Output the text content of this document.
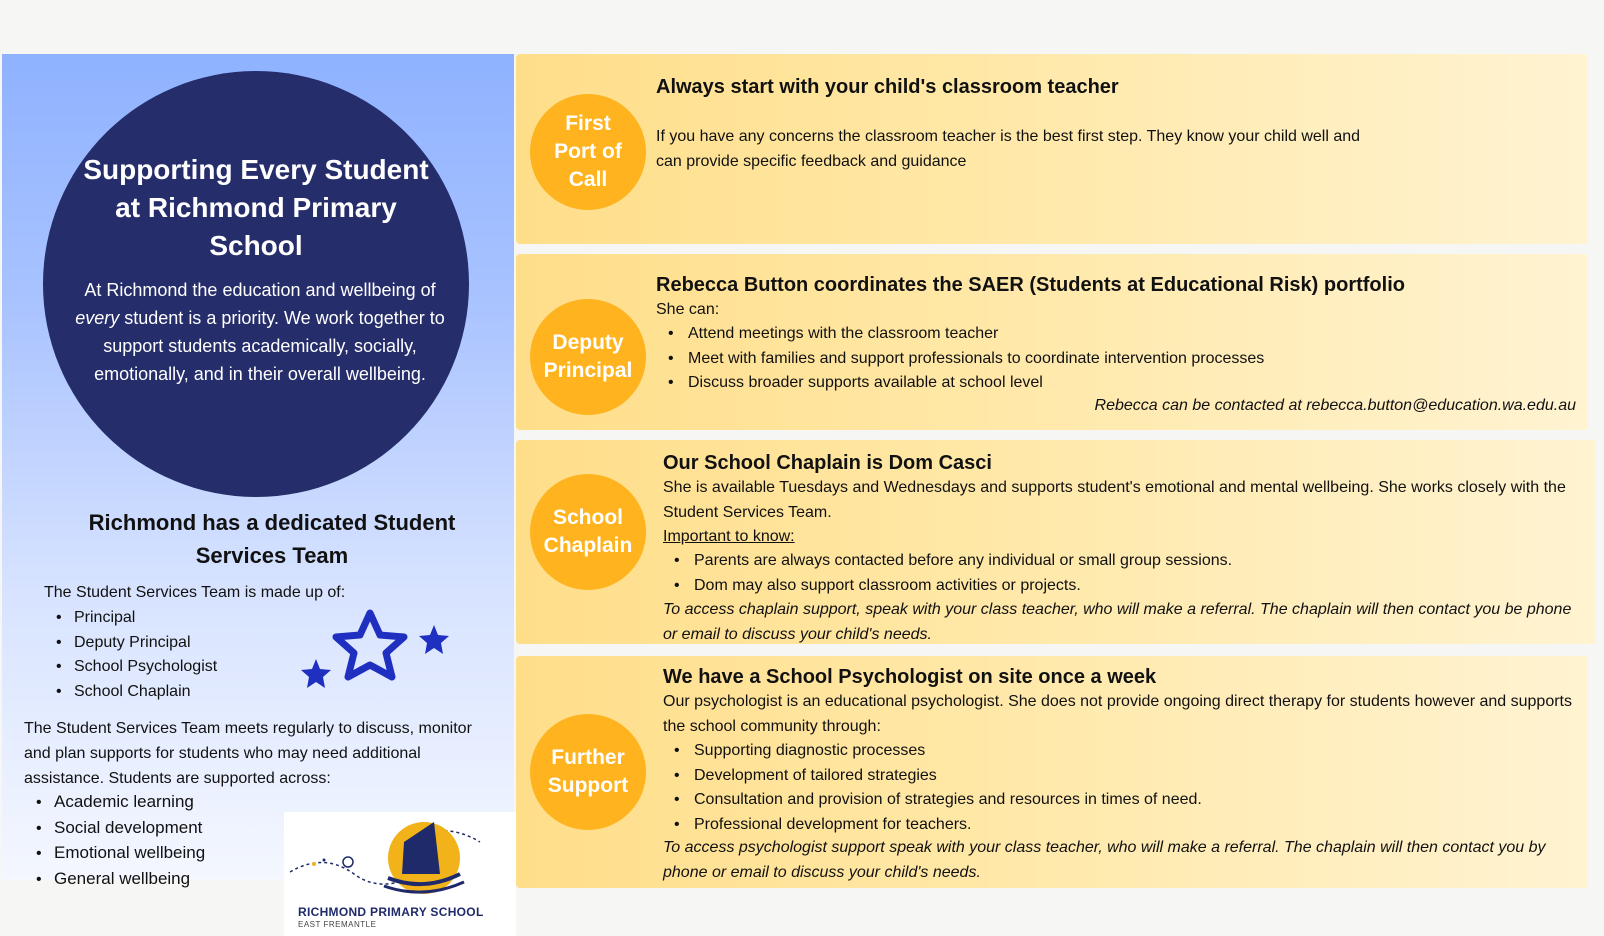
Supporting Every Student at Richmond Primary School
At Richmond the education and wellbeing of every student is a priority. We work together to support students academically, socially, emotionally, and in their overall wellbeing.
Richmond has a dedicated Student Services Team
The Student Services Team is made up of:
• Principal
• Deputy Principal
• School Psychologist
• School Chaplain
The Student Services Team meets regularly to discuss, monitor and plan supports for students who may need additional assistance. Students are supported across:
• Academic learning
• Social development
• Emotional wellbeing
• General wellbeing
RICHMOND PRIMARY SCHOOL
EAST FREMANTLE
First Port of Call
Always start with your child's classroom teacher
If you have any concerns the classroom teacher is the best first step. They know your child well and can provide specific feedback and guidance
Deputy Principal
Rebecca Button coordinates the SAER (Students at Educational Risk) portfolio
She can:
• Attend meetings with the classroom teacher
• Meet with families and support professionals to coordinate intervention processes
• Discuss broader supports available at school level
Rebecca can be contacted at rebecca.button@education.wa.edu.au
School Chaplain
Our School Chaplain is Dom Casci
She is available Tuesdays and Wednesdays and supports student's emotional and mental wellbeing. She works closely with the Student Services Team.
Important to know:
• Parents are always contacted before any individual or small group sessions.
• Dom may also support classroom activities or projects.
To access chaplain support, speak with your class teacher, who will make a referral. The chaplain will then contact you be phone or email to discuss your child's needs.
Further Support
We have a School Psychologist on site once a week
Our psychologist is an educational psychologist. She does not provide ongoing direct therapy for students however and supports the school community through:
• Supporting diagnostic processes
• Development of tailored strategies
• Consultation and provision of strategies and resources in times of need.
• Professional development for teachers.
To access psychologist support speak with your class teacher, who will make a referral. The chaplain will then contact you by phone or email to discuss your child's needs.
